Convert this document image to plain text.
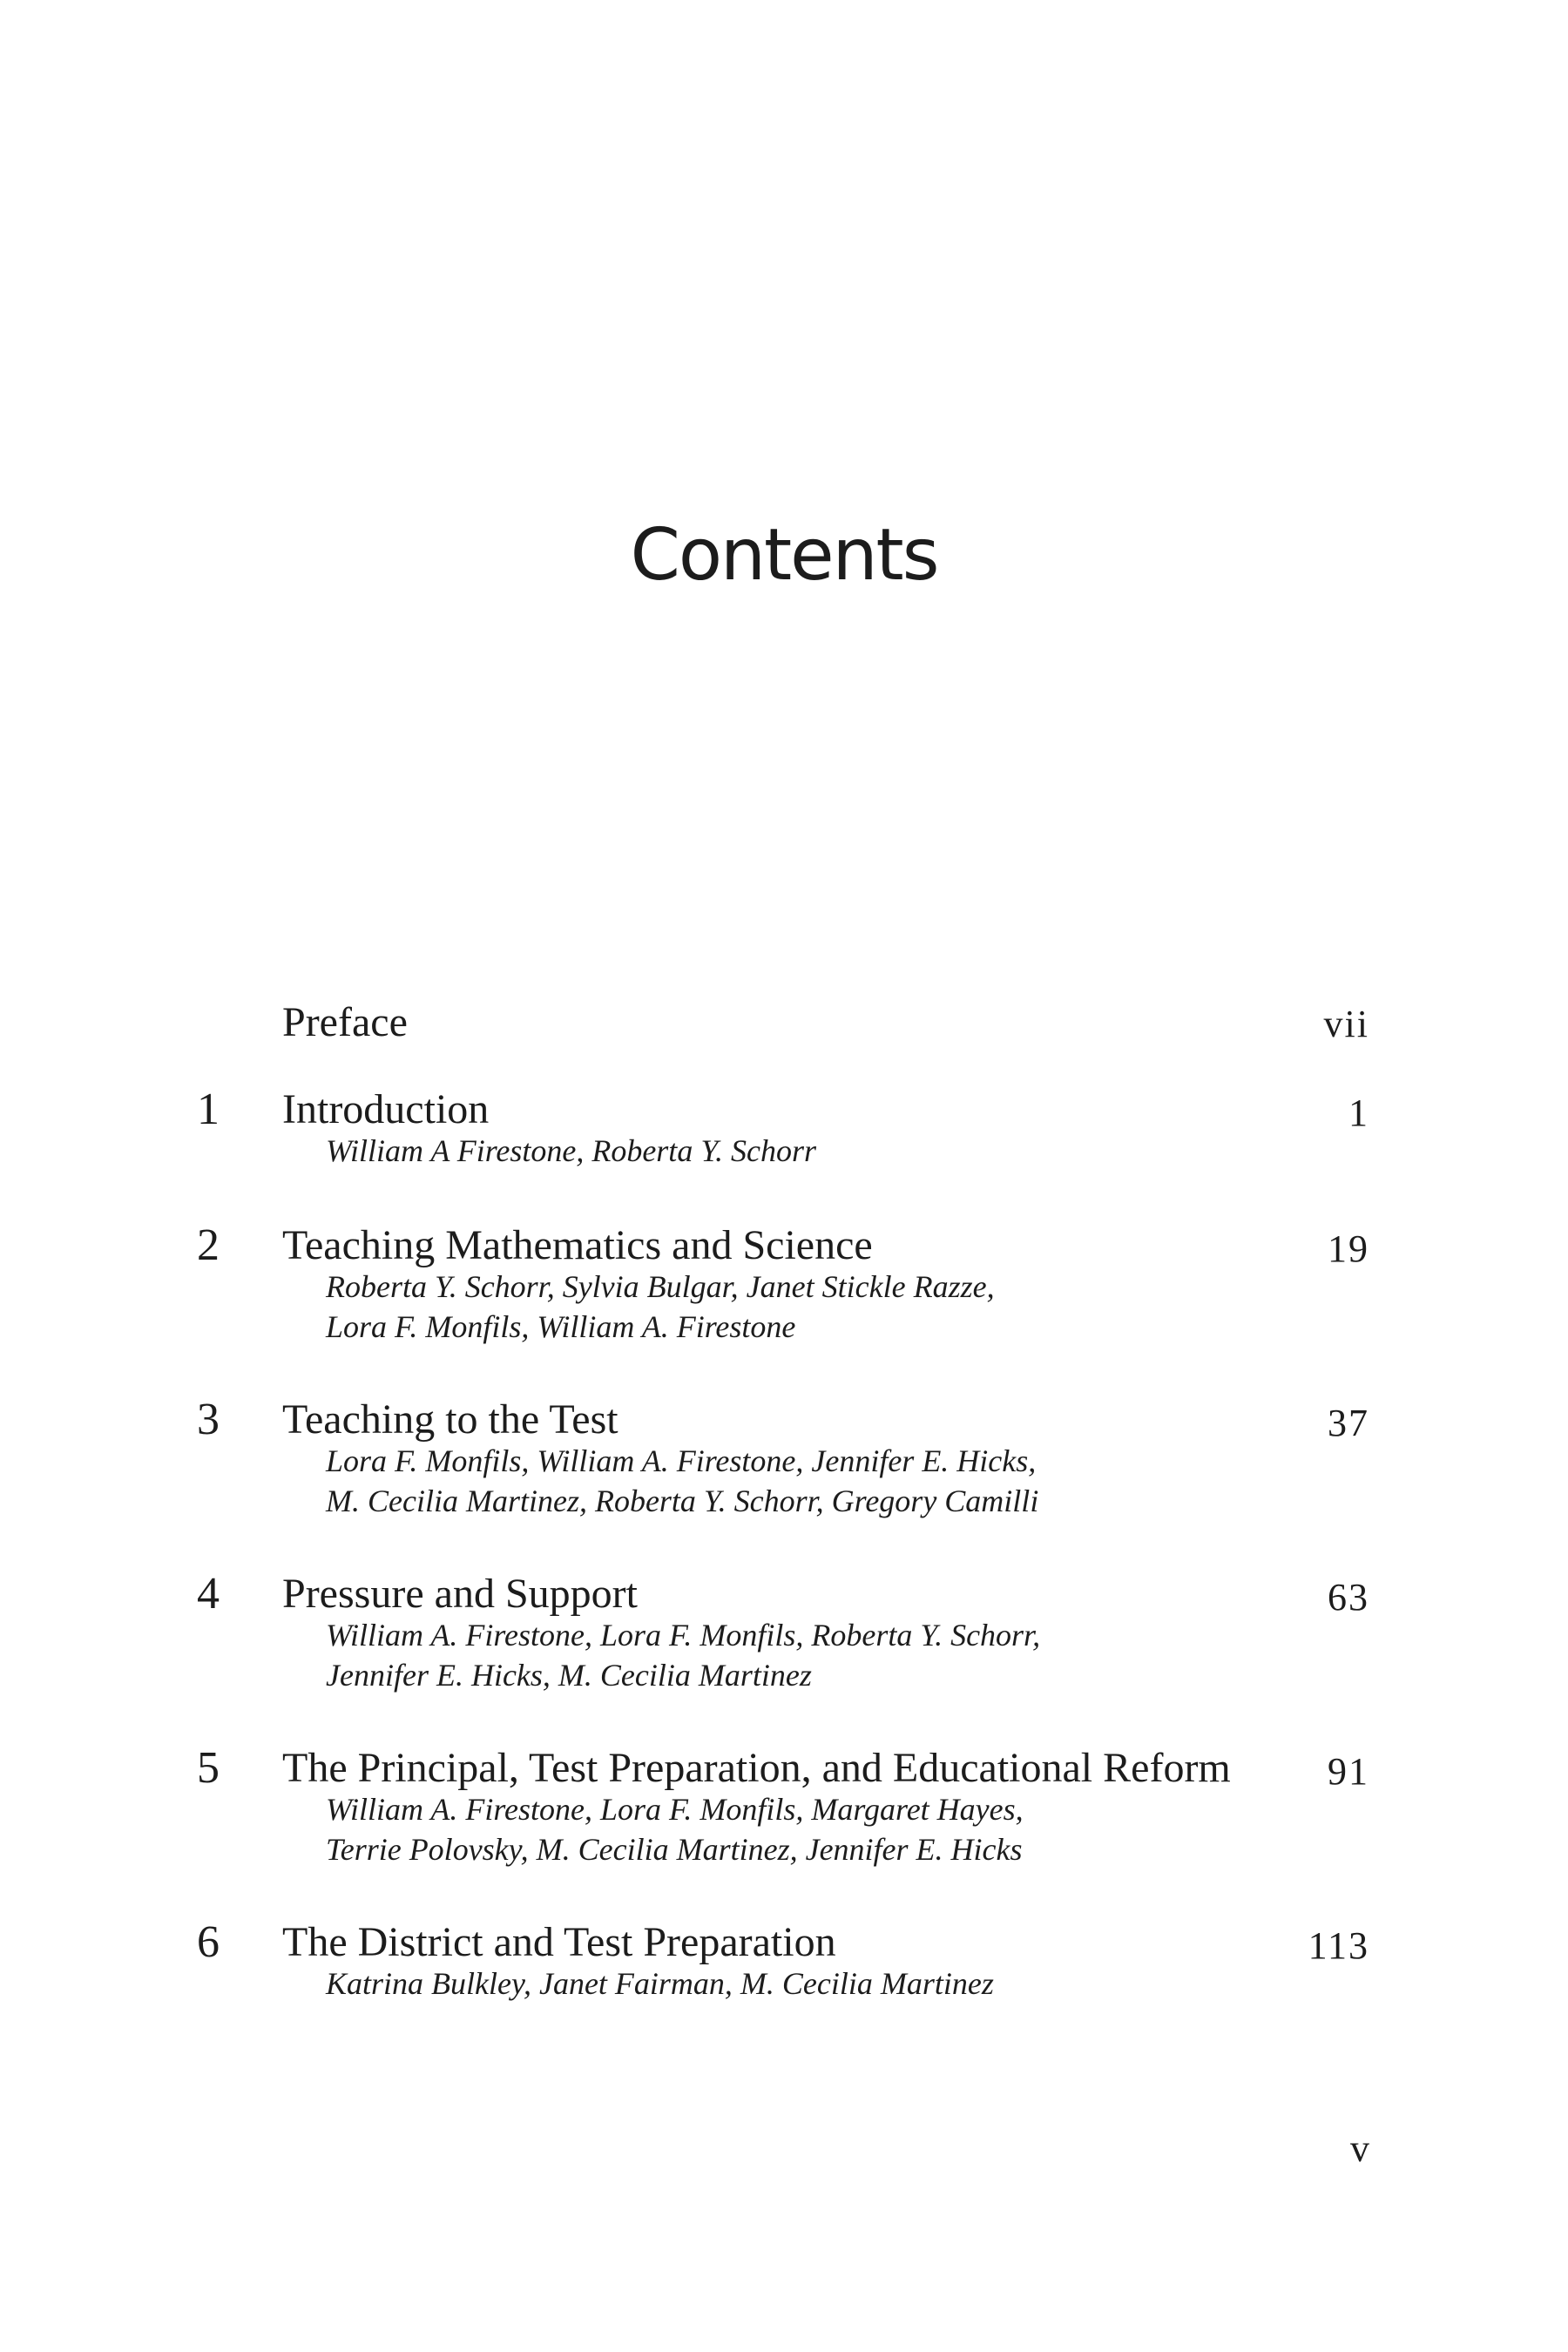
Contents
Preface	vii
1 Introduction	1
William A Firestone, Roberta Y. Schorr
2 Teaching Mathematics and Science	19
Roberta Y. Schorr, Sylvia Bulgar, Janet Stickle Razze,
Lora F. Monfils, William A. Firestone
3 Teaching to the Test	37
Lora F. Monfils, William A. Firestone, Jennifer E. Hicks,
M. Cecilia Martinez, Roberta Y. Schorr, Gregory Camilli
4 Pressure and Support	63
William A. Firestone, Lora F. Monfils, Roberta Y. Schorr,
Jennifer E. Hicks, M. Cecilia Martinez
5 The Principal, Test Preparation, and Educational Reform	91
William A. Firestone, Lora F. Monfils, Margaret Hayes,
Terrie Polovsky, M. Cecilia Martinez, Jennifer E. Hicks
6 The District and Test Preparation	113
Katrina Bulkley, Janet Fairman, M. Cecilia Martinez
v
